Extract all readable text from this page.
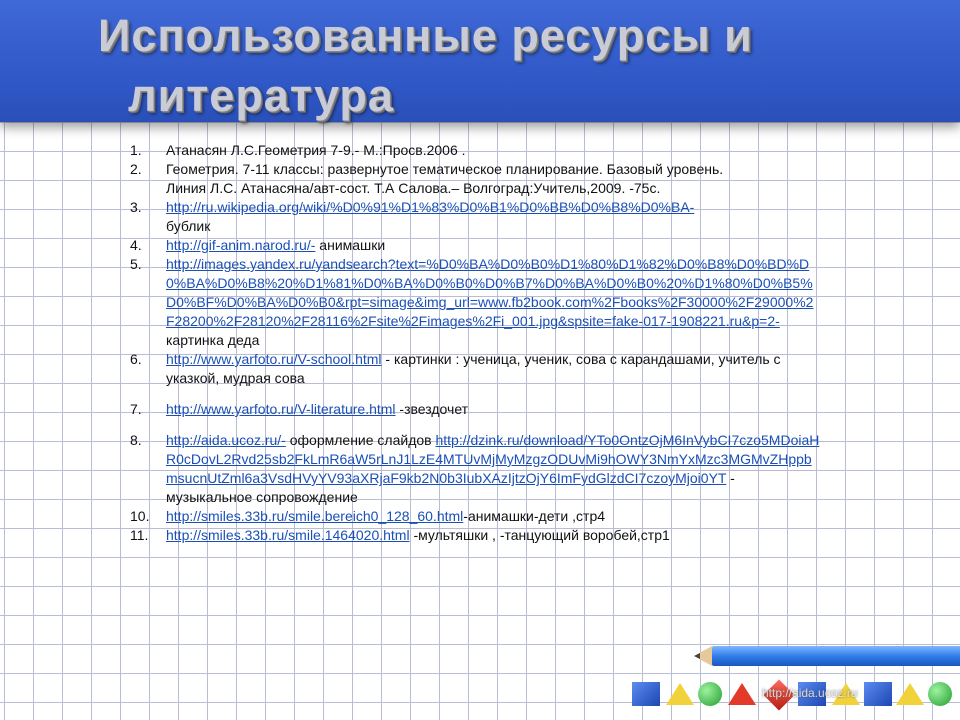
Использованные ресурсы и
литература
1. Атанасян Л.С.Геометрия 7-9.- М.:Просв.2006 .
2. Геометрия. 7-11 классы: развернутое тематическое планирование. Базовый уровень.
Линия Л.С. Атанасяна/авт-сост. Т.А Салова.– Волгоград:Учитель,2009. -75с.
3. http://ru.wikipedia.org/wiki/%D0%91%D1%83%D0%B1%D0%BB%D0%B8%D0%BA-
бублик
4. http://gif-anim.narod.ru/- анимашки
5. http://images.yandex.ru/yandsearch?text=%D0%BA%D0%B0%D1%80%D1%82%D0%B8%D0%BD%D0%BA%D0%B8%20%D1%81%D0%BA%D0%B0%D0%B7%D0%BA%D0%B0%20%D1%80%D0%B5%D0%BF%D0%BA%D0%B0&rpt=simage&img_url=www.fb2book.com%2Fbooks%2F30000%2F29000%2F28200%2F28120%2F28116%2Fsite%2Fimages%2Fi_001.jpg&spsite=fake-017-1908221.ru&p=2- картинка деда
6. http://www.yarfoto.ru/V-school.html - картинки : ученица, ученик, сова с карандашами, учитель с указкой, мудрая сова
7. http://www.yarfoto.ru/V-literature.html -звездочет
8. http://aida.ucoz.ru/- оформление слайдов http://dzink.ru/download/YTo0OntzOjM6InVybCI7czo5MDoiaHR0cDovL2Rvd25sb2FkLmR6aW5rLnJ1LzE4MTUvMjMyMzgzODUvMi9hOWY3NmYxMzc3MGMvZHppbmsucnUtZml6a3VsdHVyYV93aXRjaF9kb2N0b3IubXAzIjtzOjY6ImFydGlzdCI7czoyMjoi0YT -
музыкальное сопровождение
10. http://smiles.33b.ru/smile.bereich0_128_60.html-анимашки-дети ,стр4
11. http://smiles.33b.ru/smile.1464020.html -мультяшки , -танцующий воробей,стр1
http://aida.ucoz.ru
